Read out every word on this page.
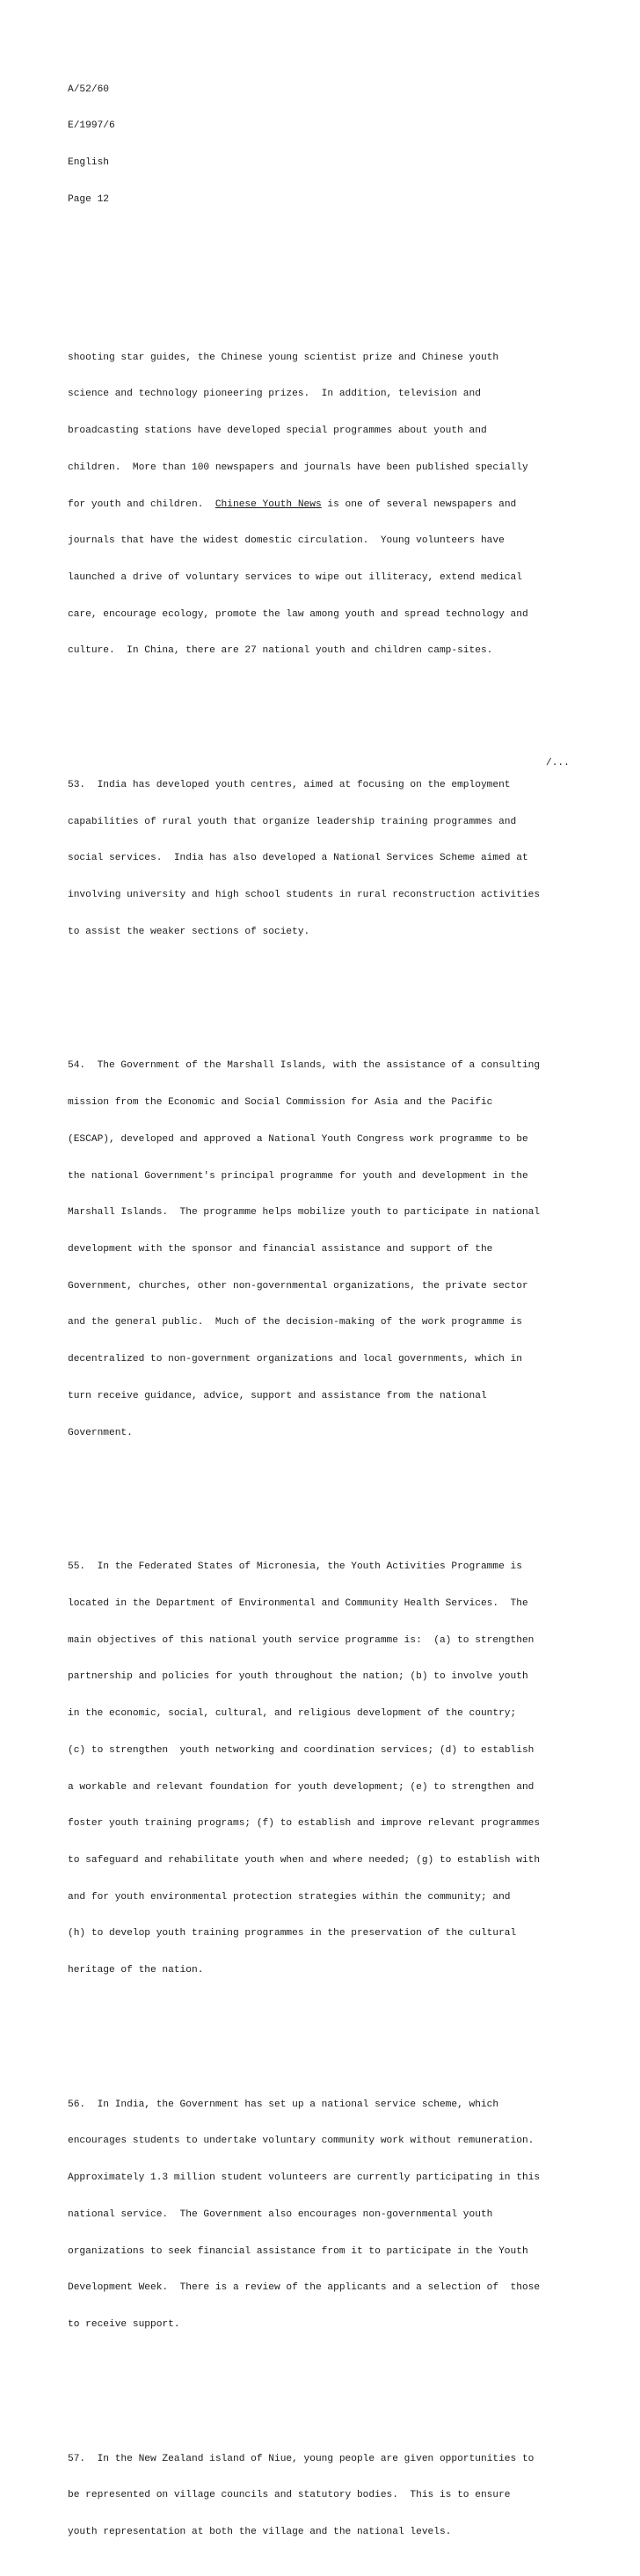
A/52/60

E/1997/6

English

Page 12

shooting star guides, the Chinese young scientist prize and Chinese youth

science and technology pioneering prizes.  In addition, television and

broadcasting stations have developed special programmes about youth and

children.  More than 100 newspapers and journals have been published specially

for youth and children.  Chinese Youth News is one of several newspapers and

journals that have the widest domestic circulation.  Young volunteers have

launched a drive of voluntary services to wipe out illiteracy, extend medical

care, encourage ecology, promote the law among youth and spread technology and

culture.  In China, there are 27 national youth and children camp-sites.

53.  India has developed youth centres, aimed at focusing on the employment

capabilities of rural youth that organize leadership training programmes and

social services.  India has also developed a National Services Scheme aimed at

involving university and high school students in rural reconstruction activities

to assist the weaker sections of society.

54.  The Government of the Marshall Islands, with the assistance of a consulting

mission from the Economic and Social Commission for Asia and the Pacific

(ESCAP), developed and approved a National Youth Congress work programme to be

the national Government's principal programme for youth and development in the

Marshall Islands.  The programme helps mobilize youth to participate in national

development with the sponsor and financial assistance and support of the

Government, churches, other non-governmental organizations, the private sector

and the general public.  Much of the decision-making of the work programme is

decentralized to non-government organizations and local governments, which in

turn receive guidance, advice, support and assistance from the national

Government.

55.  In the Federated States of Micronesia, the Youth Activities Programme is

located in the Department of Environmental and Community Health Services.  The

main objectives of this national youth service programme is:  (a) to strengthen

partnership and policies for youth throughout the nation; (b) to involve youth

in the economic, social, cultural, and religious development of the country;

(c) to strengthen  youth networking and coordination services; (d) to establish

a workable and relevant foundation for youth development; (e) to strengthen and

foster youth training programs; (f) to establish and improve relevant programmes

to safeguard and rehabilitate youth when and where needed; (g) to establish with

and for youth environmental protection strategies within the community; and

(h) to develop youth training programmes in the preservation of the cultural

heritage of the nation.

56.  In India, the Government has set up a national service scheme, which

encourages students to undertake voluntary community work without remuneration.

Approximately 1.3 million student volunteers are currently participating in this

national service.  The Government also encourages non-governmental youth

organizations to seek financial assistance from it to participate in the Youth

Development Week.  There is a review of the applicants and a selection of  those

to receive support.

57.  In the New Zealand island of Niue, young people are given opportunities to

be represented on village councils and statutory bodies.  This is to ensure

youth representation at both the village and the national levels.

/...
